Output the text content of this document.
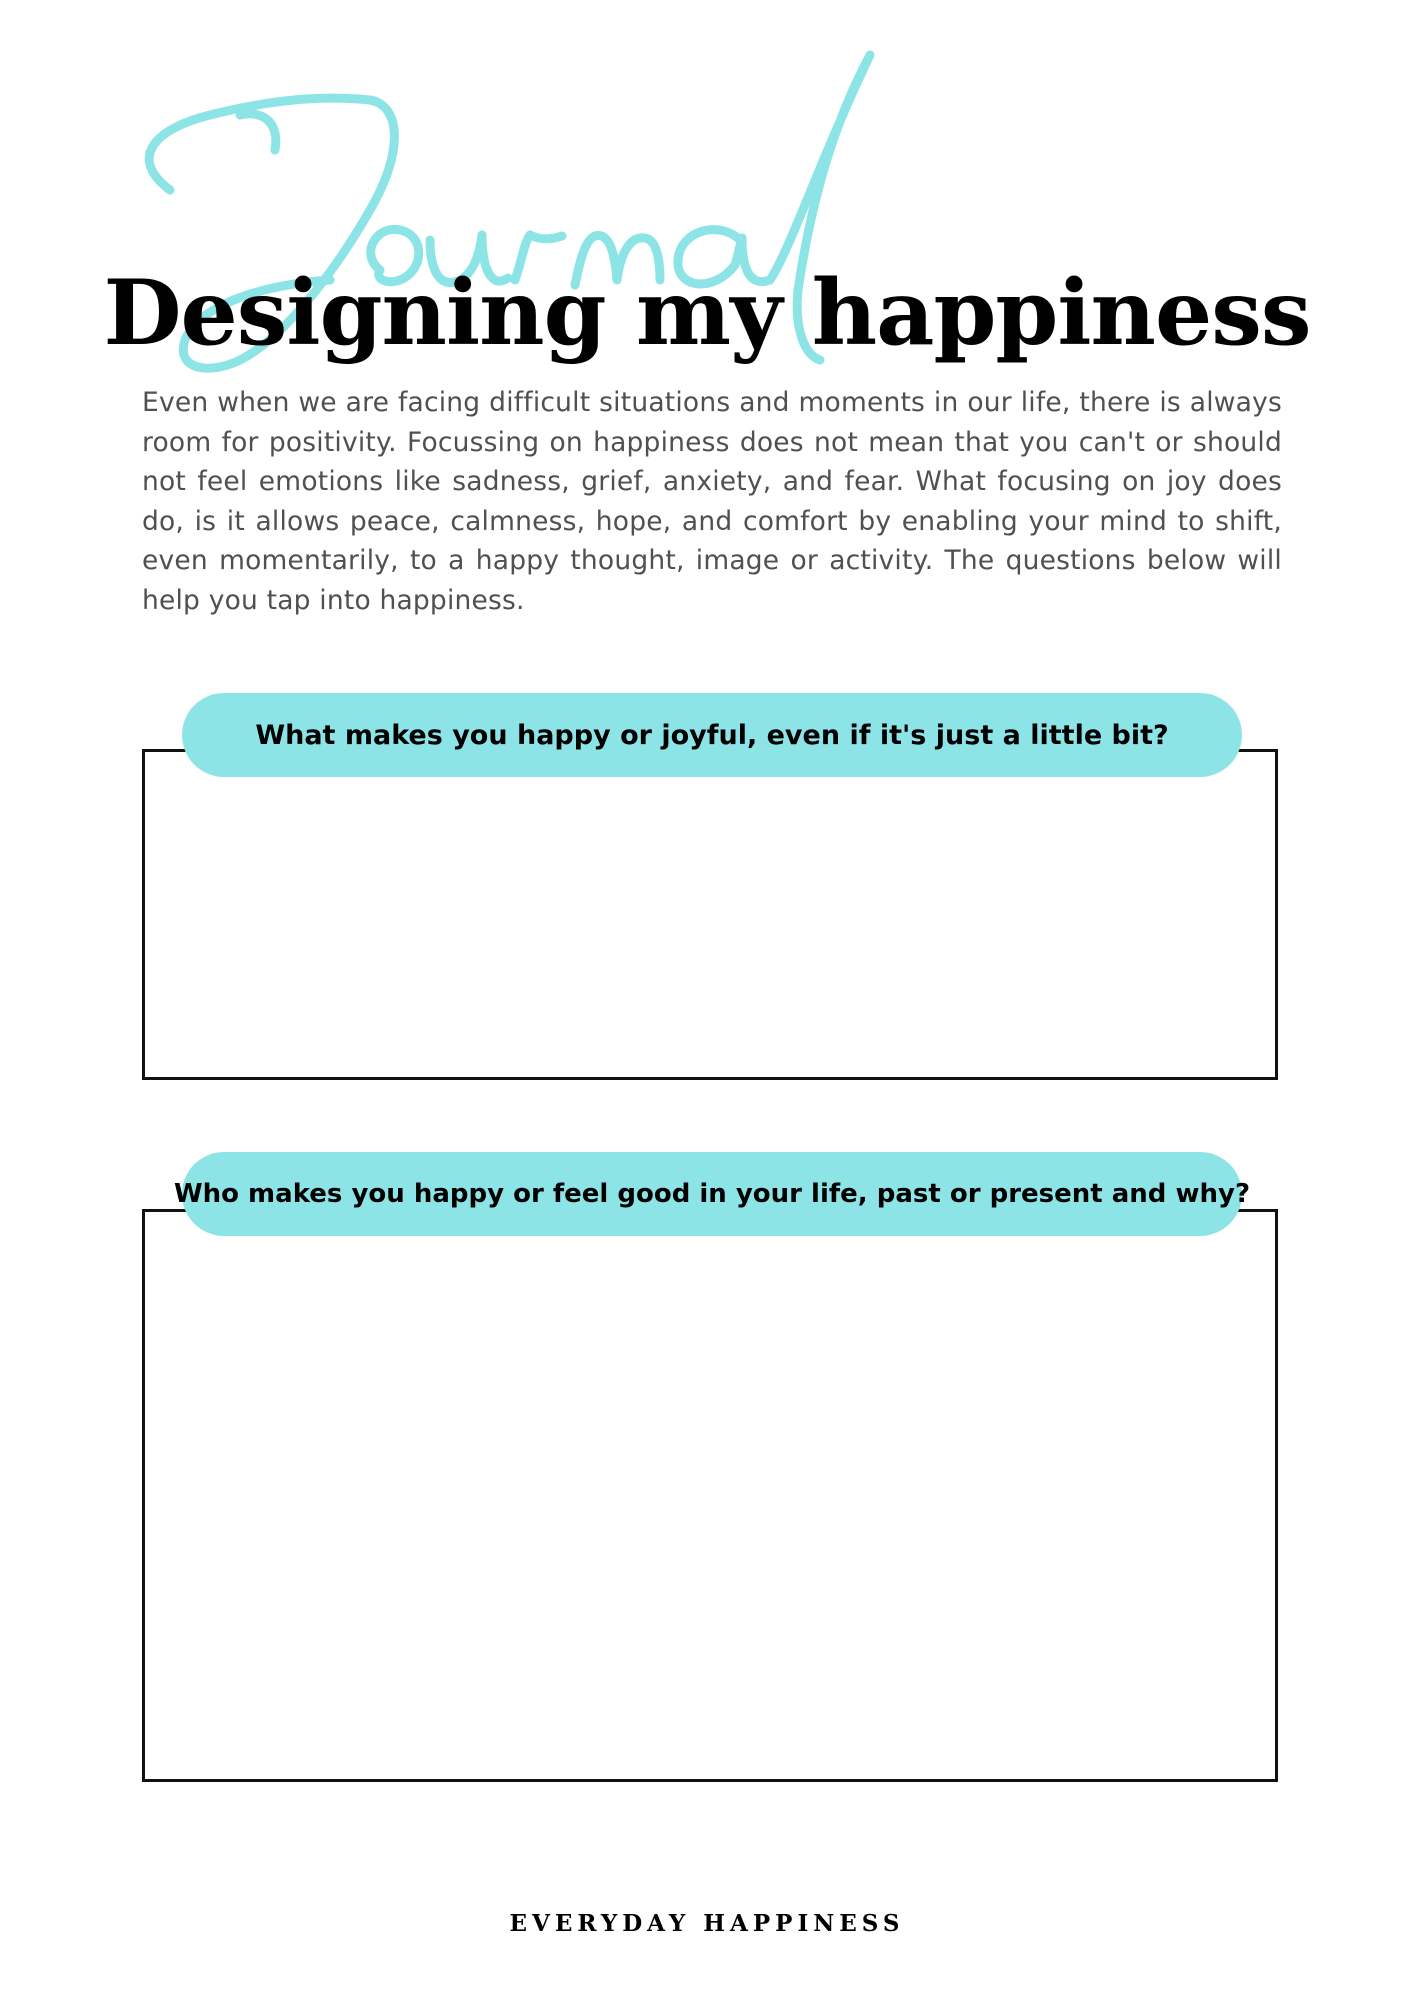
Designing my happiness

Even when we are facing difficult situations and moments in our life, there is always room for positivity. Focussing on happiness does not mean that you can't or should not feel emotions like sadness, grief, anxiety, and fear. What focusing on joy does do, is it allows peace, calmness, hope, and comfort by enabling your mind to shift, even momentarily, to a happy thought, image or activity. The questions below will help you tap into happiness.

What makes you happy or joyful, even if it's just a little bit?
Who makes you happy or feel good in your life, past or present and why?
EVERYDAY HAPPINESS
